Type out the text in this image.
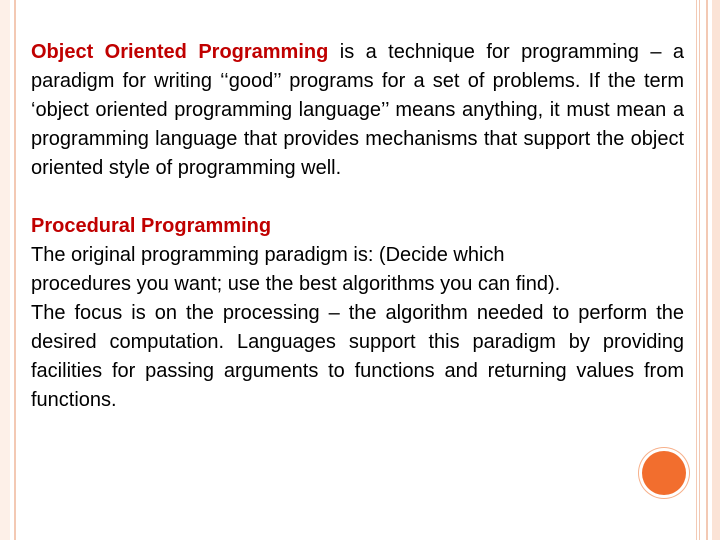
Object Oriented Programming is a technique for programming – a paradigm for writing ‘‘good’’ programs for a set of problems. If the term ‘object oriented programming language’’ means anything, it must mean a programming language that provides mechanisms that support the object oriented style of programming well.

Procedural Programming
The original programming paradigm is: (Decide which
procedures you want; use the best algorithms you can find).
The focus is on the processing – the algorithm needed to perform the desired computation. Languages support this paradigm by providing facilities for passing arguments to functions and returning values from functions.
